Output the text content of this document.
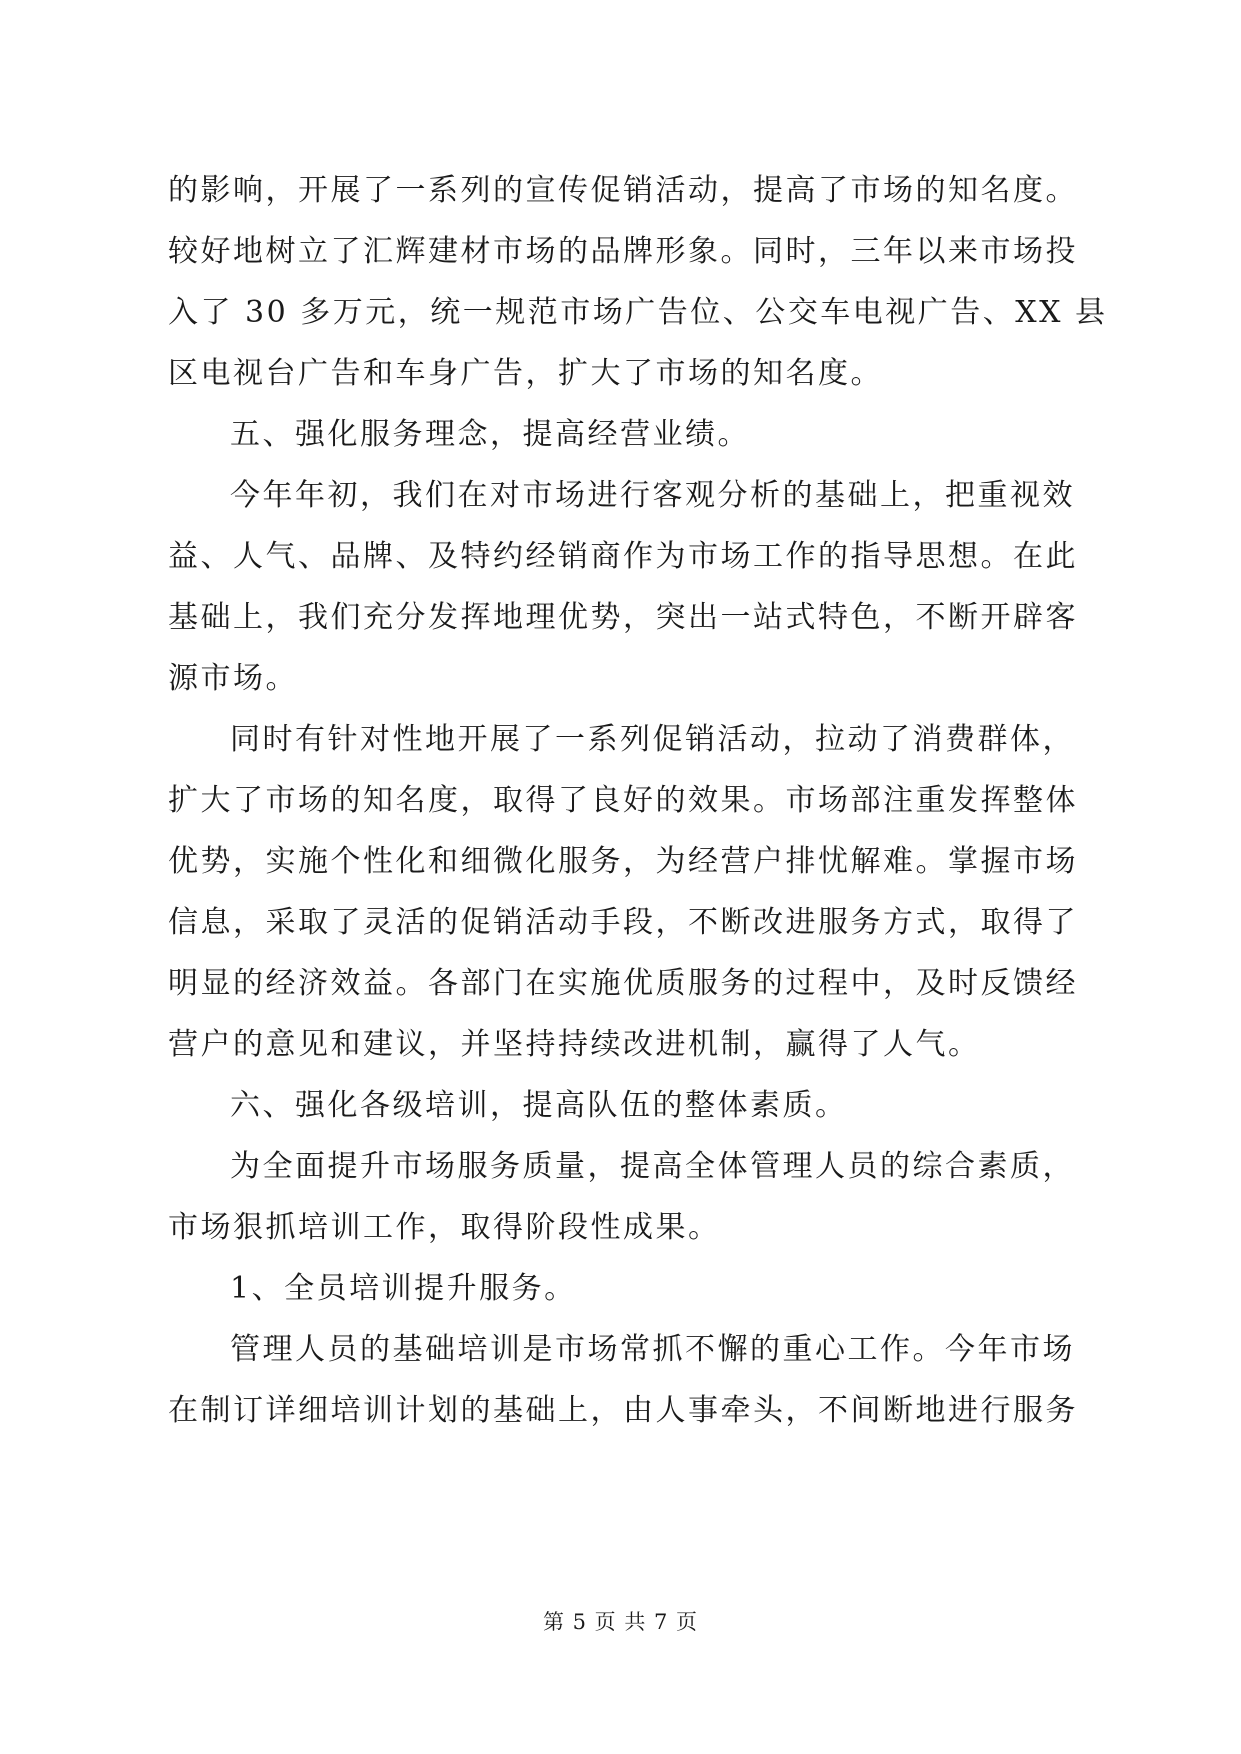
的影响，开展了一系列的宣传促销活动，提高了市场的知名度。
较好地树立了汇辉建材市场的品牌形象。同时，三年以来市场投
入了 30 多万元，统一规范市场广告位、公交车电视广告、XX 县
区电视台广告和车身广告，扩大了市场的知名度。
五、强化服务理念，提高经营业绩。
今年年初，我们在对市场进行客观分析的基础上，把重视效
益、人气、品牌、及特约经销商作为市场工作的指导思想。在此
基础上，我们充分发挥地理优势，突出一站式特色，不断开辟客
源市场。
同时有针对性地开展了一系列促销活动，拉动了消费群体，
扩大了市场的知名度，取得了良好的效果。市场部注重发挥整体
优势，实施个性化和细微化服务，为经营户排忧解难。掌握市场
信息，采取了灵活的促销活动手段，不断改进服务方式，取得了
明显的经济效益。各部门在实施优质服务的过程中，及时反馈经
营户的意见和建议，并坚持持续改进机制，赢得了人气。
六、强化各级培训，提高队伍的整体素质。
为全面提升市场服务质量，提高全体管理人员的综合素质，
市场狠抓培训工作，取得阶段性成果。
1、全员培训提升服务。
管理人员的基础培训是市场常抓不懈的重心工作。今年市场
在制订详细培训计划的基础上，由人事牵头，不间断地进行服务
第 5 页 共 7 页
